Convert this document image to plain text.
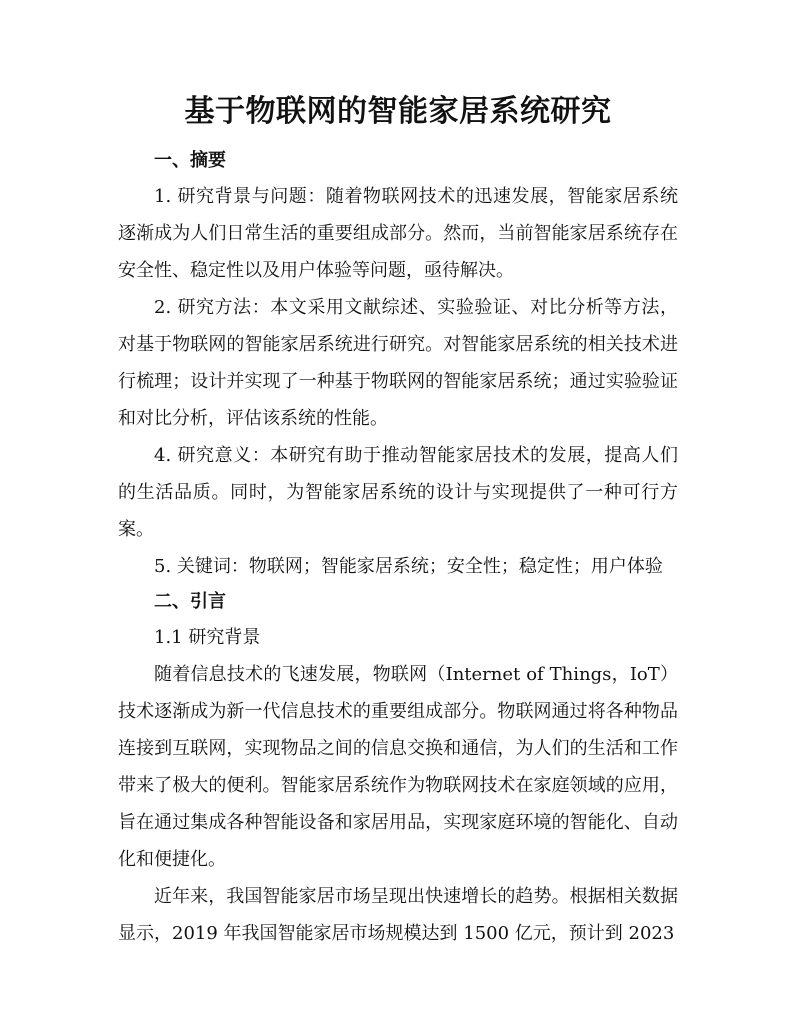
基于物联网的智能家居系统研究
一、摘要

1. 研究背景与问题：随着物联网技术的迅速发展，智能家居系统逐渐成为人们日常生活的重要组成部分。然而，当前智能家居系统存在安全性、稳定性以及用户体验等问题，亟待解决。

2. 研究方法：本文采用文献综述、实验验证、对比分析等方法，对基于物联网的智能家居系统进行研究。对智能家居系统的相关技术进行梳理；设计并实现了一种基于物联网的智能家居系统；通过实验验证和对比分析，评估该系统的性能。

4. 研究意义：本研究有助于推动智能家居技术的发展，提高人们的生活品质。同时，为智能家居系统的设计与实现提供了一种可行方案。

5. 关键词：物联网；智能家居系统；安全性；稳定性；用户体验

二、引言
1.1 研究背景

随着信息技术的飞速发展，物联网（Internet of Things，IoT）技术逐渐成为新一代信息技术的重要组成部分。物联网通过将各种物品连接到互联网，实现物品之间的信息交换和通信，为人们的生活和工作带来了极大的便利。智能家居系统作为物联网技术在家庭领域的应用，旨在通过集成各种智能设备和家居用品，实现家庭环境的智能化、自动化和便捷化。

近年来，我国智能家居市场呈现出快速增长的趋势。根据相关数据显示，2019 年我国智能家居市场规模达到 1500 亿元，预计到 2023
